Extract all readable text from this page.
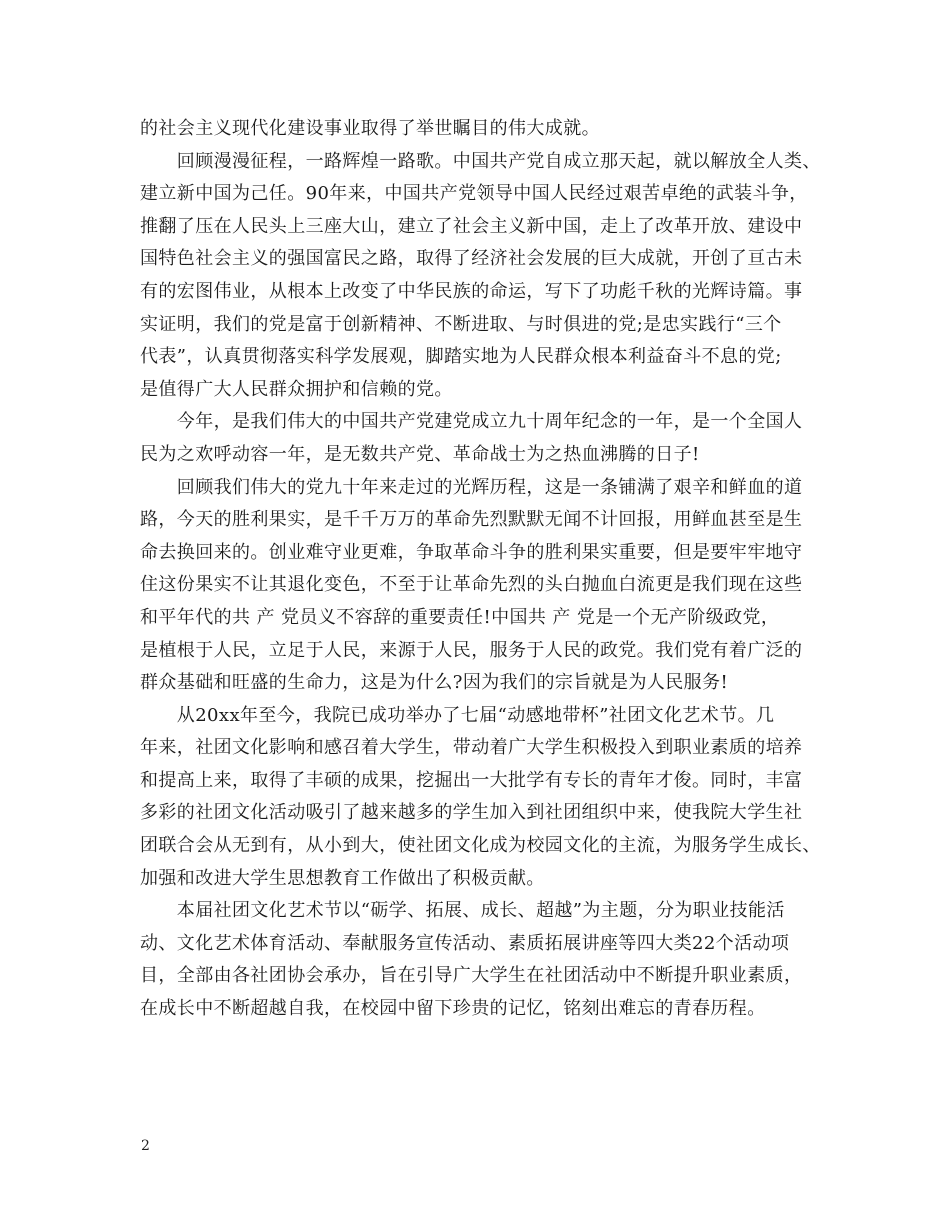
的社会主义现代化建设事业取得了举世瞩目的伟大成就。

　　回顾漫漫征程，一路辉煌一路歌。中国共产党自成立那天起，就以解放全人类、

建立新中国为己任。90年来，中国共产党领导中国人民经过艰苦卓绝的武装斗争，

推翻了压在人民头上三座大山，建立了社会主义新中国，走上了改革开放、建设中

国特色社会主义的强国富民之路，取得了经济社会发展的巨大成就，开创了亘古未

有的宏图伟业，从根本上改变了中华民族的命运，写下了功彪千秋的光辉诗篇。事

实证明，我们的党是富于创新精神、不断进取、与时俱进的党;是忠实践行“三个

代表”，认真贯彻落实科学发展观，脚踏实地为人民群众根本利益奋斗不息的党;

是值得广大人民群众拥护和信赖的党。

　　今年，是我们伟大的中国共产党建党成立九十周年纪念的一年，是一个全国人

民为之欢呼动容一年，是无数共产党、革命战士为之热血沸腾的日子!

　　回顾我们伟大的党九十年来走过的光辉历程，这是一条铺满了艰辛和鲜血的道

路，今天的胜利果实，是千千万万的革命先烈默默无闻不计回报，用鲜血甚至是生

命去换回来的。创业难守业更难，争取革命斗争的胜利果实重要，但是要牢牢地守

住这份果实不让其退化变色，不至于让革命先烈的头白抛血白流更是我们现在这些

和平年代的共 产 党员义不容辞的重要责任!中国共 产 党是一个无产阶级政党，

是植根于人民，立足于人民，来源于人民，服务于人民的政党。我们党有着广泛的

群众基础和旺盛的生命力，这是为什么?因为我们的宗旨就是为人民服务!

　　从20xx年至今，我院已成功举办了七届“动感地带杯”社团文化艺术节。几

年来，社团文化影响和感召着大学生，带动着广大学生积极投入到职业素质的培养

和提高上来，取得了丰硕的成果，挖掘出一大批学有专长的青年才俊。同时，丰富

多彩的社团文化活动吸引了越来越多的学生加入到社团组织中来，使我院大学生社

团联合会从无到有，从小到大，使社团文化成为校园文化的主流，为服务学生成长、

加强和改进大学生思想教育工作做出了积极贡献。

　　本届社团文化艺术节以“砺学、拓展、成长、超越”为主题，分为职业技能活

动、文化艺术体育活动、奉献服务宣传活动、素质拓展讲座等四大类22个活动项

目，全部由各社团协会承办，旨在引导广大学生在社团活动中不断提升职业素质，

在成长中不断超越自我，在校园中留下珍贵的记忆，铭刻出难忘的青春历程。

2
